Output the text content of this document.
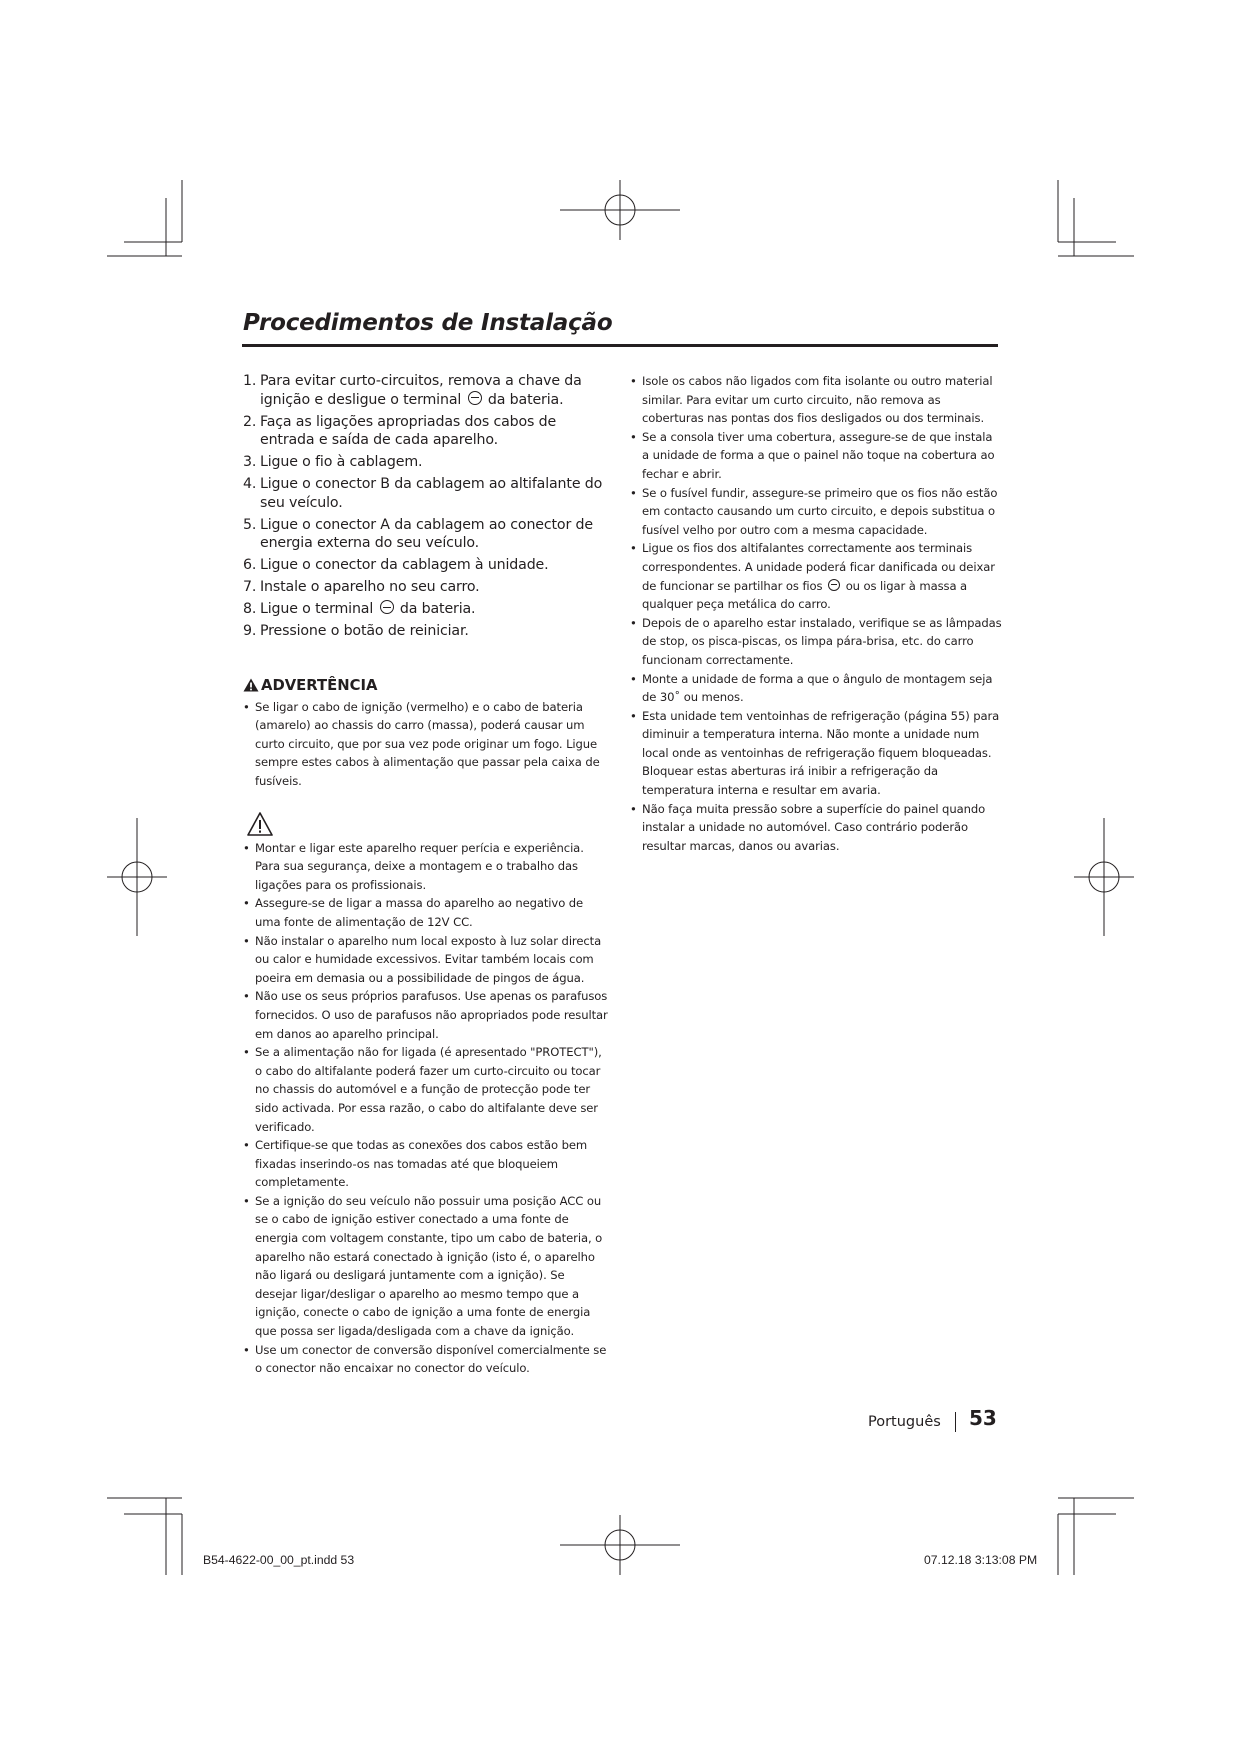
Procedimentos de Instalação
1. Para evitar curto-circuitos, remova a chave da ignição e desligue o terminal da bateria.
2. Faça as ligações apropriadas dos cabos de entrada e saída de cada aparelho.
3. Ligue o fio à cablagem.
4. Ligue o conector B da cablagem ao altifalante do seu veículo.
5. Ligue o conector A da cablagem ao conector de energia externa do seu veículo.
6. Ligue o conector da cablagem à unidade.
7. Instale o aparelho no seu carro.
8. Ligue o terminal da bateria.
9. Pressione o botão de reiniciar.
ADVERTÊNCIA
• Se ligar o cabo de ignição (vermelho) e o cabo de bateria (amarelo) ao chassis do carro (massa), poderá causar um curto circuito, que por sua vez pode originar um fogo. Ligue sempre estes cabos à alimentação que passar pela caixa de fusíveis.
• Montar e ligar este aparelho requer perícia e experiência. Para sua segurança, deixe a montagem e o trabalho das ligações para os profissionais.
• Assegure-se de ligar a massa do aparelho ao negativo de uma fonte de alimentação de 12V CC.
• Não instalar o aparelho num local exposto à luz solar directa ou calor e humidade excessivos. Evitar também locais com poeira em demasia ou a possibilidade de pingos de água.
• Não use os seus próprios parafusos. Use apenas os parafusos fornecidos. O uso de parafusos não apropriados pode resultar em danos ao aparelho principal.
• Se a alimentação não for ligada (é apresentado "PROTECT"), o cabo do altifalante poderá fazer um curto-circuito ou tocar no chassis do automóvel e a função de protecção pode ter sido activada. Por essa razão, o cabo do altifalante deve ser verificado.
• Certifique-se que todas as conexões dos cabos estão bem fixadas inserindo-os nas tomadas até que bloqueiem completamente.
• Se a ignição do seu veículo não possuir uma posição ACC ou se o cabo de ignição estiver conectado a uma fonte de energia com voltagem constante, tipo um cabo de bateria, o aparelho não estará conectado à ignição (isto é, o aparelho não ligará ou desligará juntamente com a ignição). Se desejar ligar/desligar o aparelho ao mesmo tempo que a ignição, conecte o cabo de ignição a uma fonte de energia que possa ser ligada/desligada com a chave da ignição.
• Use um conector de conversão disponível comercialmente se o conector não encaixar no conector do veículo.
• Isole os cabos não ligados com fita isolante ou outro material similar. Para evitar um curto circuito, não remova as coberturas nas pontas dos fios desligados ou dos terminais.
• Se a consola tiver uma cobertura, assegure-se de que instala a unidade de forma a que o painel não toque na cobertura ao fechar e abrir.
• Se o fusível fundir, assegure-se primeiro que os fios não estão em contacto causando um curto circuito, e depois substitua o fusível velho por outro com a mesma capacidade.
• Ligue os fios dos altifalantes correctamente aos terminais correspondentes. A unidade poderá ficar danificada ou deixar de funcionar se partilhar os fios ou os ligar à massa a qualquer peça metálica do carro.
• Depois de o aparelho estar instalado, verifique se as lâmpadas de stop, os pisca-piscas, os limpa pára-brisa, etc. do carro funcionam correctamente.
• Monte a unidade de forma a que o ângulo de montagem seja de 30˚ ou menos.
• Esta unidade tem ventoinhas de refrigeração (página 55) para diminuir a temperatura interna. Não monte a unidade num local onde as ventoinhas de refrigeração fiquem bloqueadas. Bloquear estas aberturas irá inibir a refrigeração da temperatura interna e resultar em avaria.
• Não faça muita pressão sobre a superfície do painel quando instalar a unidade no automóvel. Caso contrário poderão resultar marcas, danos ou avarias.
Português 53
B54-4622-00_00_pt.indd 53	07.12.18 3:13:08 PM
